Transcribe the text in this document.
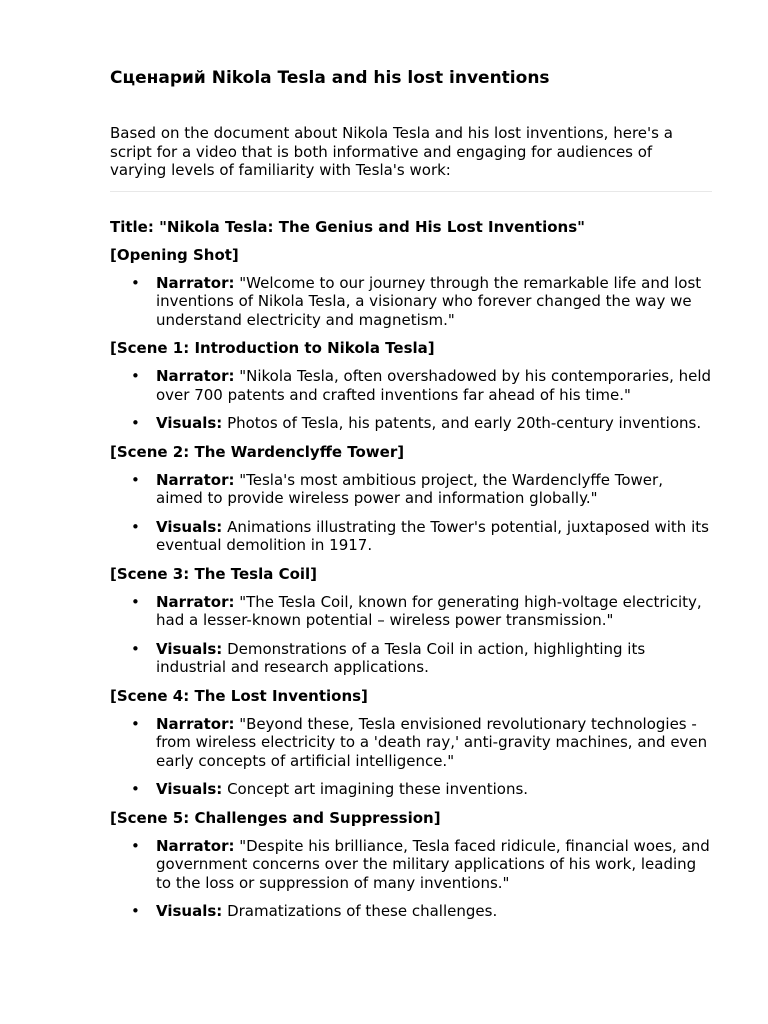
Сценарий Nikola Tesla and his lost inventions
Based on the document about Nikola Tesla and his lost inventions, here's a script for a video that is both informative and engaging for audiences of varying levels of familiarity with Tesla's work:
Title: "Nikola Tesla: The Genius and His Lost Inventions"
[Opening Shot]
• Narrator: "Welcome to our journey through the remarkable life and lost inventions of Nikola Tesla, a visionary who forever changed the way we understand electricity and magnetism."
[Scene 1: Introduction to Nikola Tesla]
• Narrator: "Nikola Tesla, often overshadowed by his contemporaries, held over 700 patents and crafted inventions far ahead of his time."
• Visuals: Photos of Tesla, his patents, and early 20th-century inventions.
[Scene 2: The Wardenclyffe Tower]
• Narrator: "Tesla's most ambitious project, the Wardenclyffe Tower, aimed to provide wireless power and information globally."
• Visuals: Animations illustrating the Tower's potential, juxtaposed with its eventual demolition in 1917.
[Scene 3: The Tesla Coil]
• Narrator: "The Tesla Coil, known for generating high-voltage electricity, had a lesser-known potential – wireless power transmission."
• Visuals: Demonstrations of a Tesla Coil in action, highlighting its industrial and research applications.
[Scene 4: The Lost Inventions]
• Narrator: "Beyond these, Tesla envisioned revolutionary technologies - from wireless electricity to a 'death ray,' anti-gravity machines, and even early concepts of artificial intelligence."
• Visuals: Concept art imagining these inventions.
[Scene 5: Challenges and Suppression]
• Narrator: "Despite his brilliance, Tesla faced ridicule, financial woes, and government concerns over the military applications of his work, leading to the loss or suppression of many inventions."
• Visuals: Dramatizations of these challenges.
